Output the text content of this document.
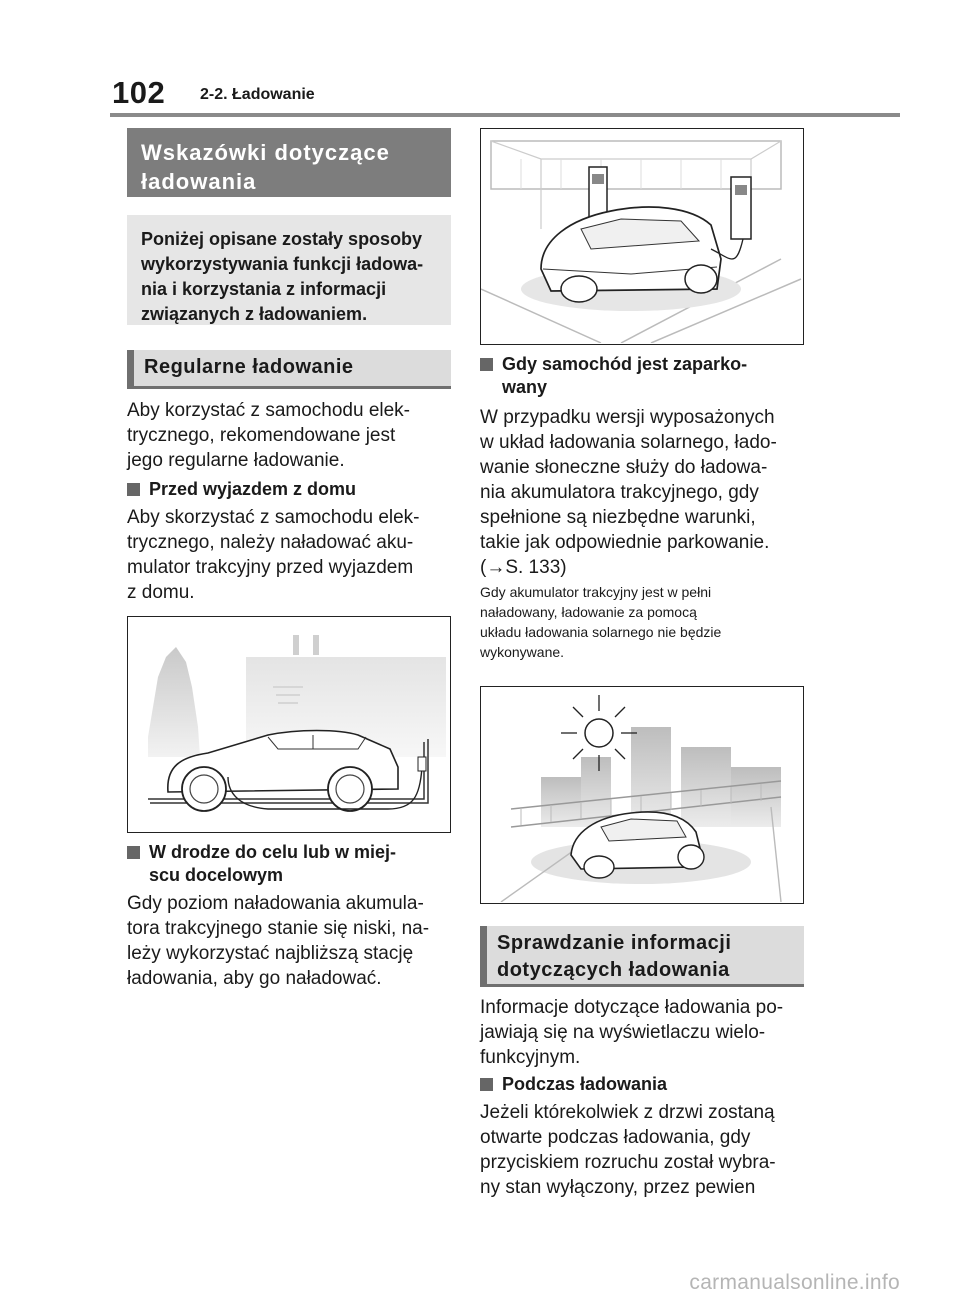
102 2-2. Ładowanie
Wskazówki dotyczące
ładowania
Poniżej opisane zostały sposoby
wykorzystywania funkcji ładowa-
nia i korzystania z informacji
związanych z ładowaniem.
Regularne ładowanie
Aby korzystać z samochodu elek-
trycznego, rekomendowane jest
jego regularne ładowanie.
Przed wyjazdem z domu
Aby skorzystać z samochodu elek-
trycznego, należy naładować aku-
mulator trakcyjny przed wyjazdem
z domu.
W drodze do celu lub w miej-
scu docelowym
Gdy poziom naładowania akumula-
tora trakcyjnego stanie się niski, na-
leży wykorzystać najbliższą stację
ładowania, aby go naładować.
Gdy samochód jest zaparko-
wany
W przypadku wersji wyposażonych
w układ ładowania solarnego, łado-
wanie słoneczne służy do ładowa-
nia akumulatora trakcyjnego, gdy
spełnione są niezbędne warunki,
takie jak odpowiednie parkowanie.
(→S. 133)
Gdy akumulator trakcyjny jest w pełni
naładowany, ładowanie za pomocą
układu ładowania solarnego nie będzie
wykonywane.
Sprawdzanie informacji
dotyczących ładowania
Informacje dotyczące ładowania po-
jawiają się na wyświetlaczu wielo-
funkcyjnym.
Podczas ładowania
Jeżeli którekolwiek z drzwi zostaną
otwarte podczas ładowania, gdy
przyciskiem rozruchu został wybra-
ny stan wyłączony, przez pewien
carmanualsonline.info
